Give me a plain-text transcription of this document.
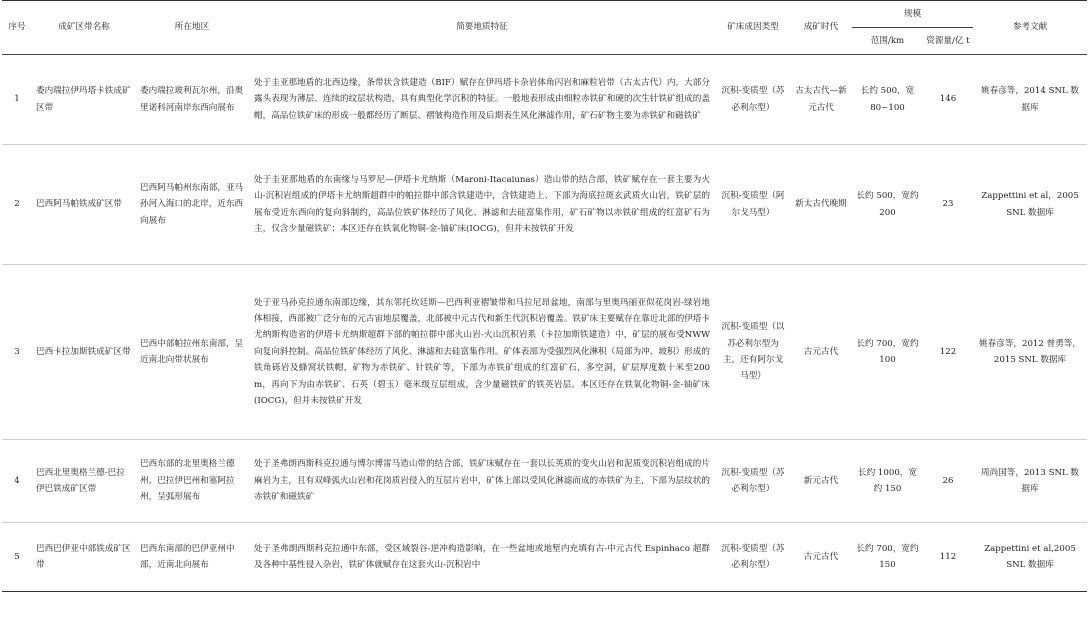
序号	成矿区带名称	所在地区	简要地质特征	矿床成因类型	成矿时代	规模		参考文献
						范围/km	资源量/亿 t	
1	委内瑞拉伊玛塔卡铁成矿区带	委内瑞拉玻利瓦尔州，沿奥里诺科河南岸东西向展布	处于圭亚那地盾的北西边缘，条带状含铁建造（BIF）赋存在伊玛塔卡杂岩体角闪岩和麻粒岩带（古太古代）内，大部分露头表现为薄层、连续的纹层状构造，具有典型化学沉积的特征。一般地表形成由细粒赤铁矿和硬的次生针铁矿组成的盖帽，高品位铁矿床的形成一般都经历了断层、褶皱构造作用及后期表生风化淋滤作用，矿石矿物主要为赤铁矿和磁铁矿	沉积-变质型（苏必利尔型）	古太古代—新元古代	长约 500，宽 80~100	146	姚春彦等，2014 SNL 数据库
2	巴西阿马帕铁成矿区带	巴西阿马帕州东南部，亚马孙河入海口的北岸，近东西向展布	处于圭亚那地盾的东南缘与马罗尼—伊塔卡尤纳斯（Maroni-Itacaiunas）造山带的结合部，铁矿赋存在一套主要为火山-沉积岩组成的伊塔卡尤纳斯超群中的帕拉群中部含铁建造中，含铁建造上、下部为海底拉斑玄武质火山岩，铁矿层的展布受近东西向的复向斜制约，高品位铁矿体经历了风化、淋滤和去硅富集作用，矿石矿物以赤铁矿组成的红富矿石为主，仅含少量磁铁矿；本区还存在铁氧化物铜-金-铀矿床(IOCG)，但并未按铁矿开发	沉积-变质型（阿尔戈马型）	新太古代晚期	长约 500，宽约 200	23	Zappettini et al，2005 SNL 数据库
3	巴西卡拉加斯铁成矿区带	巴西中部帕拉州东南部，呈近南北向带状展布	处于亚马孙克拉通东南部边缘，其东邻托坎廷斯—巴西利亚褶皱带和马拉尼昂盆地，南部与里奥玛丽亚似花岗岩-绿岩地体相接，西部被广泛分布的元古宙地层覆盖，北部被中元古代和新生代沉积岩覆盖。铁矿床主要赋存在靠近北部的伊塔卡尤纳斯构造省的伊塔卡尤纳斯超群下部的帕拉群中部火山岩-火山沉积岩系（卡拉加斯铁建造）中，矿层的展布受NWW向复向斜控制。高品位铁矿体经历了风化、淋滤和去硅富集作用。矿体表部为受强烈风化淋积（局部为冲、坡积）形成的铁角砾岩及蜂窝状铁帽，矿物为赤铁矿、针铁矿等，下部为赤铁矿组成的红富矿石，多空洞，矿层厚度数十米至200 m，再向下为由赤铁矿、石英（碧玉）毫米级互层组成，含少量磁铁矿的铁英岩层。本区还存在铁氧化物铜-金-铀矿床(IOCG)，但并未按铁矿开发	沉积-变质型（以苏必利尔型为主，还有阿尔戈马型）	古元古代	长约 700，宽约 100	122	姚春彦等，2012 曾勇等，2015 SNL 数据库
4	巴西北里奥格兰德-巴拉伊巴铁成矿区带	巴西东部的北里奥格兰德州、巴拉伊巴州和塞阿拉州，呈弧形展布	处于圣弗朗西斯科克拉通与博尔博雷马造山带的结合部，铁矿床赋存在一套以长英质的变火山岩和泥质变沉积岩组成的片麻岩为主，且有双峰弧火山岩和花岗质岩侵入的互层片岩中，矿体上部以受风化淋滤而成的赤铁矿为主，下部为层纹状的赤铁矿和磁铁矿	沉积-变质型（苏必利尔型）	新元古代	长约 1000，宽约 150	26	周尚国等，2013 SNL 数据库
5	巴西巴伊亚中部铁成矿区带	巴西东南部的巴伊亚州中部，近南北向展布	处于圣弗朗西斯科克拉通中东部，受区域裂谷-逆冲构造影响，在一些盆地或地堑内充填有古-中元古代 Espinhaco 超群及各种中基性侵入杂岩，铁矿体就赋存在这套火山-沉积岩中	沉积-变质型（苏必利尔型）	古元古代	长约 700，宽约 150	112	Zappettini et al,2005 SNL 数据库
